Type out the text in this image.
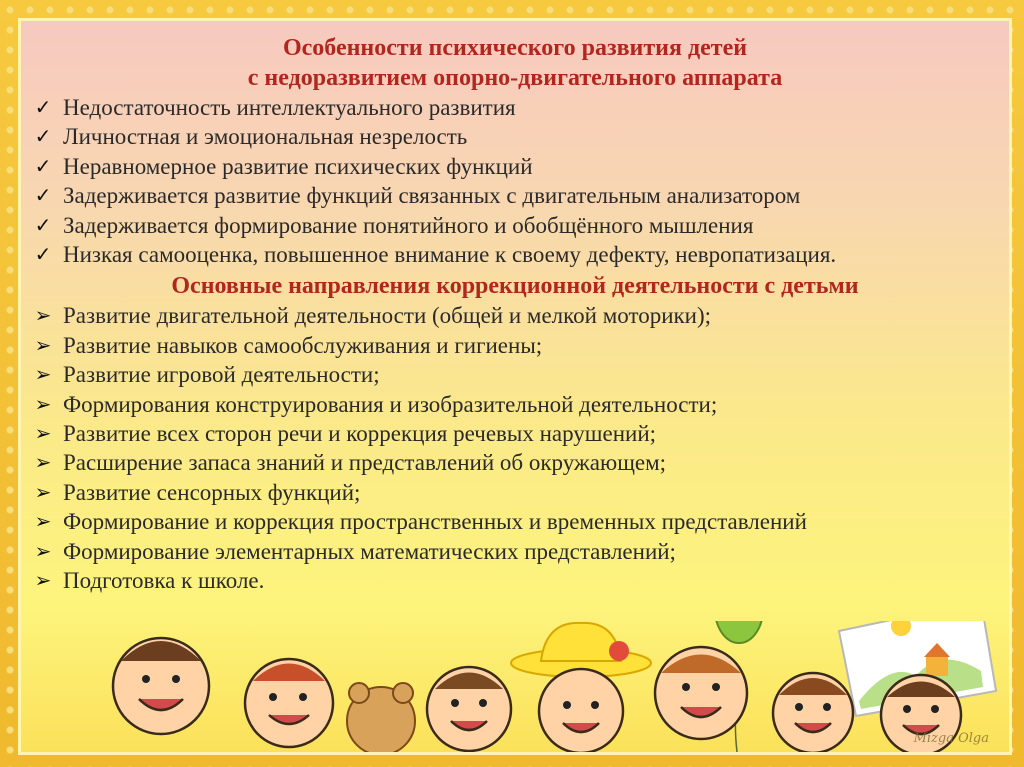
Особенности психического развития детей

с недоразвитием опорно-двигательного аппарата

✓ Недостаточность интеллектуального развития
✓ Личностная и эмоциональная незрелость
✓ Неравномерное развитие психических функций
✓ Задерживается развитие функций связанных с двигательным анализатором
✓ Задерживается формирование понятийного и обобщённого мышления
✓ Низкая самооценка, повышенное внимание к своему дефекту, невропатизация.

Основные направления коррекционной деятельности с детьми

➢ Развитие двигательной деятельности (общей и мелкой моторики);
➢ Развитие навыков самообслуживания и гигиены;
➢ Развитие игровой деятельности;
➢ Формирования конструирования и изобразительной деятельности;
➢ Развитие всех сторон речи и коррекция речевых нарушений;
➢ Расширение запаса знаний и представлений об окружающем;
➢ Развитие сенсорных функций;
➢ Формирование и коррекция пространственных и временных представлений
➢ Формирование элементарных математических представлений;
➢ Подготовка к школе.
Mizga Olga
